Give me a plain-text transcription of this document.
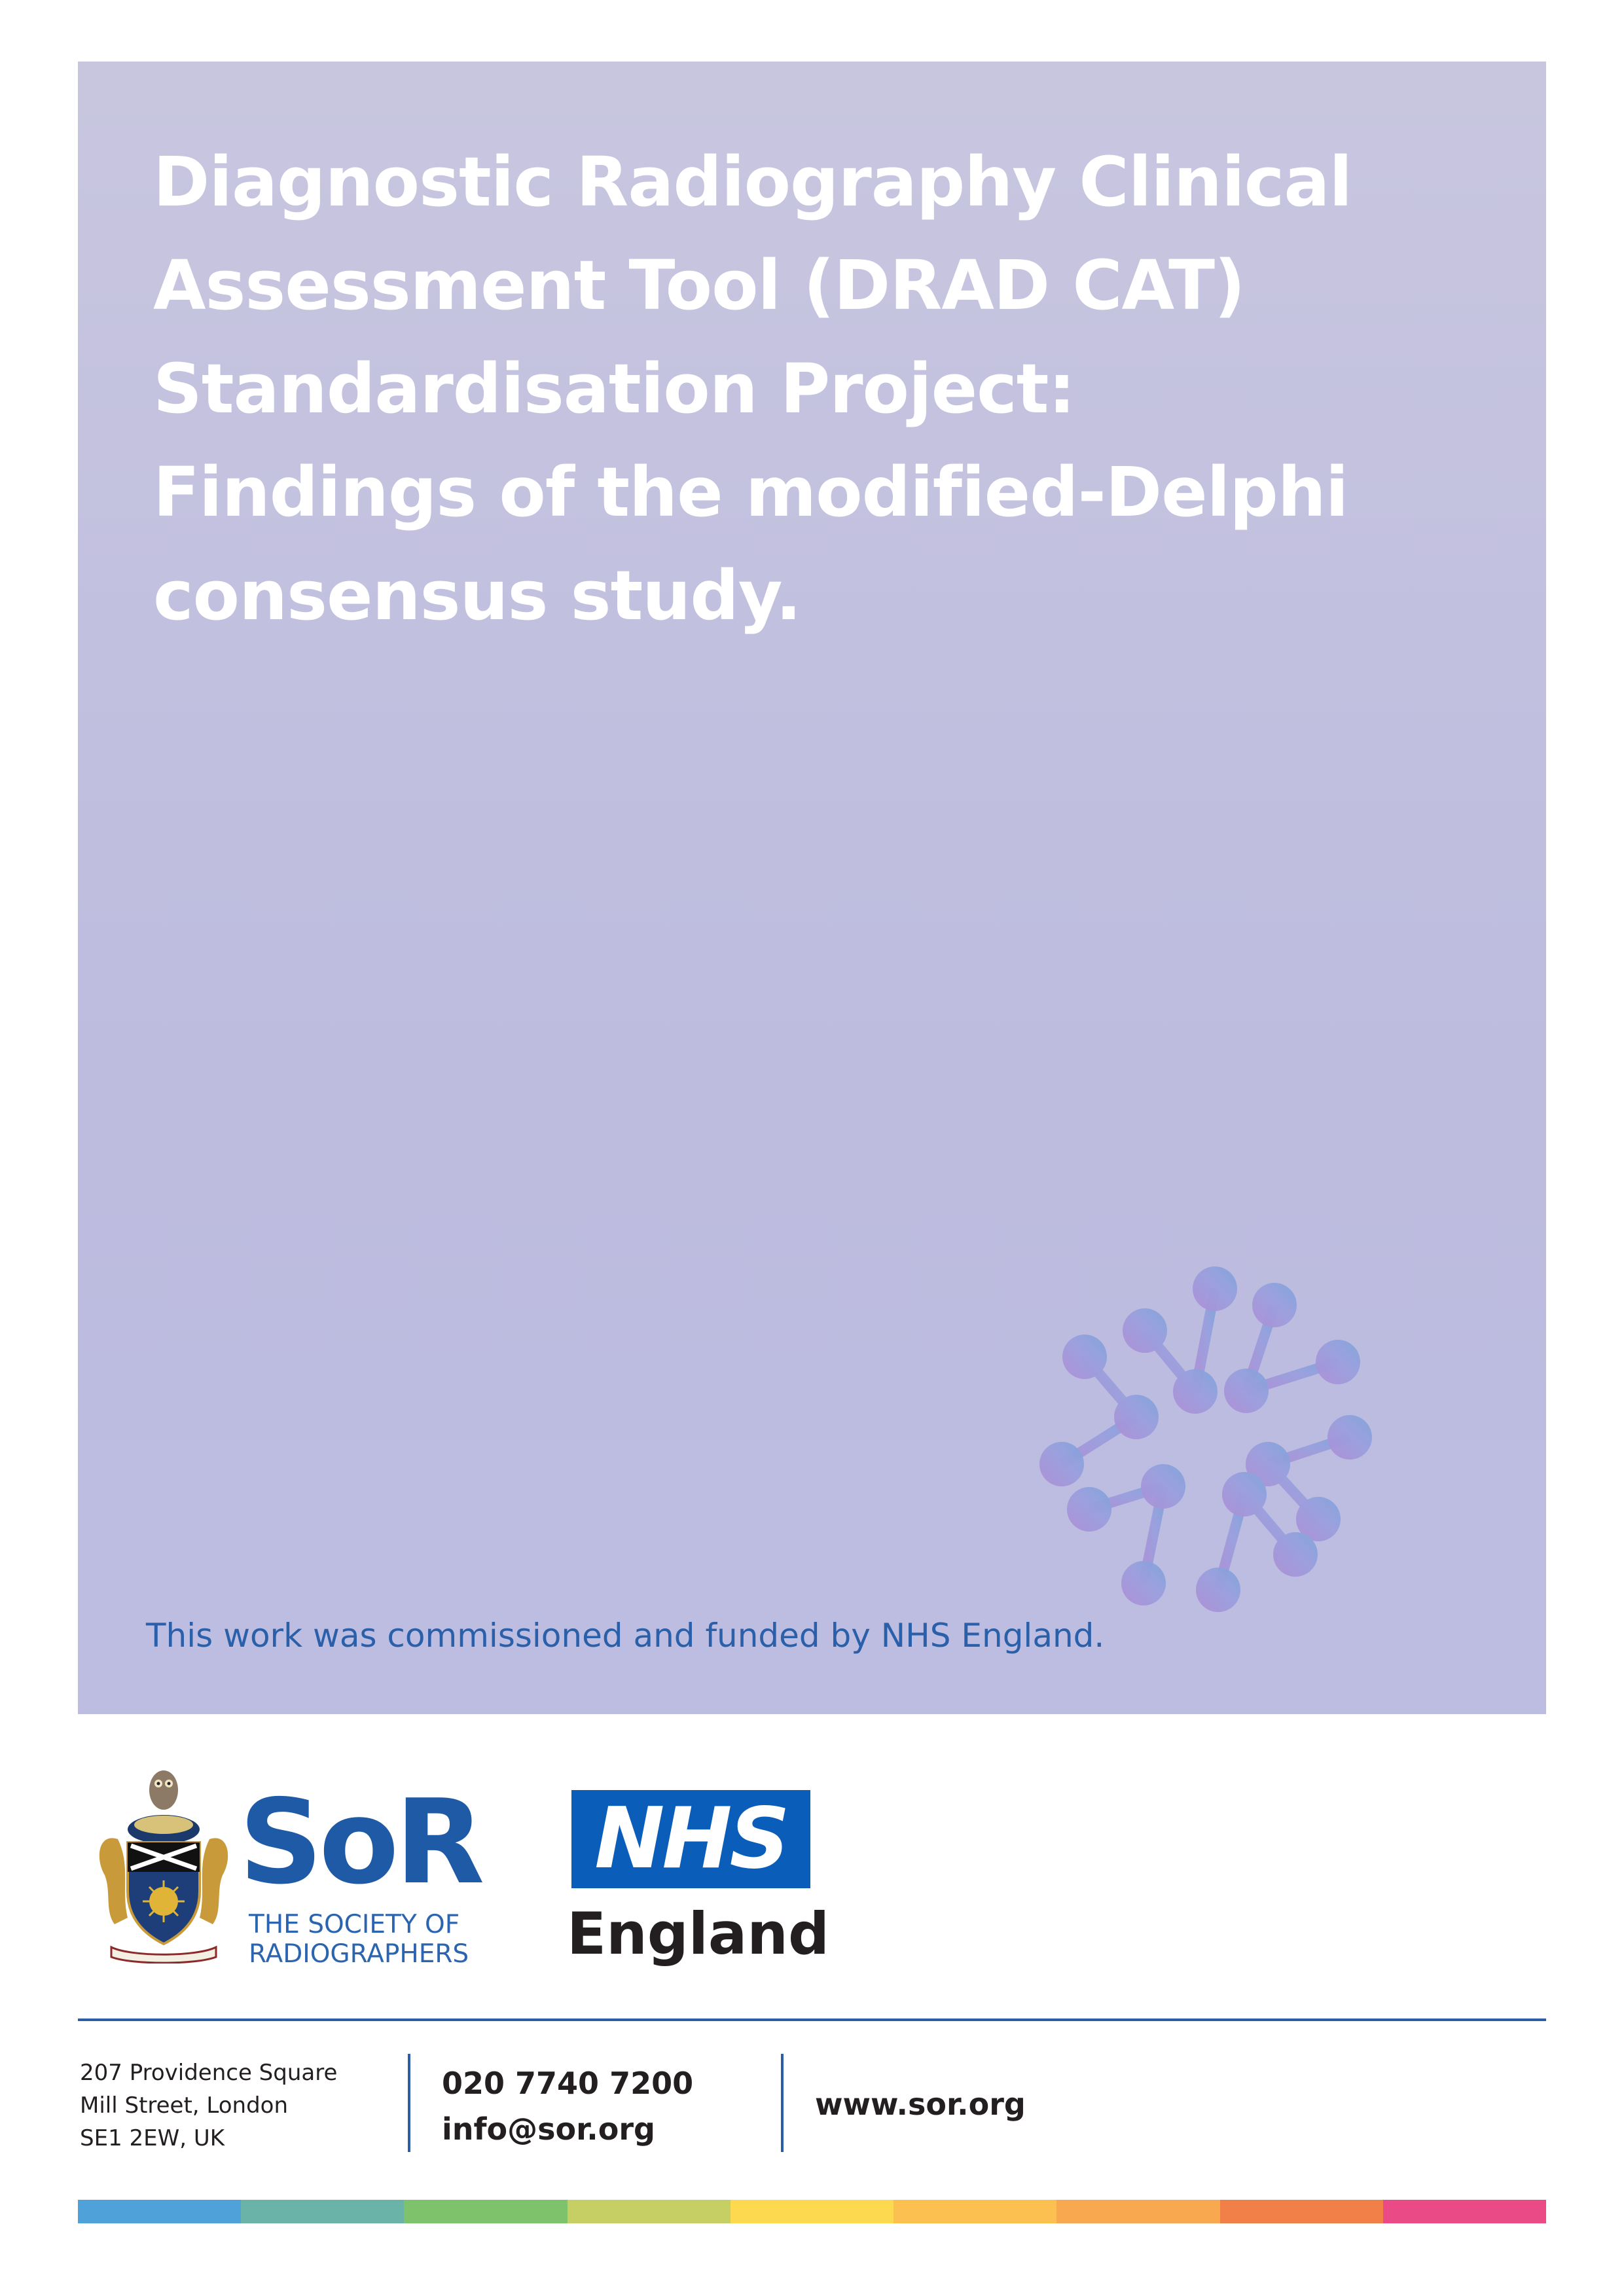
Diagnostic Radiography Clinical
Assessment Tool (DRAD CAT)
Standardisation Project:
Findings of the modified-Delphi
consensus study.

This work was commissioned and funded by NHS England.

SoR
THE SOCIETY OF
RADIOGRAPHERS
NHS
England

207 Providence Square
Mill Street, London
SE1 2EW, UK

020 7740 7200
info@sor.org
www.sor.org
